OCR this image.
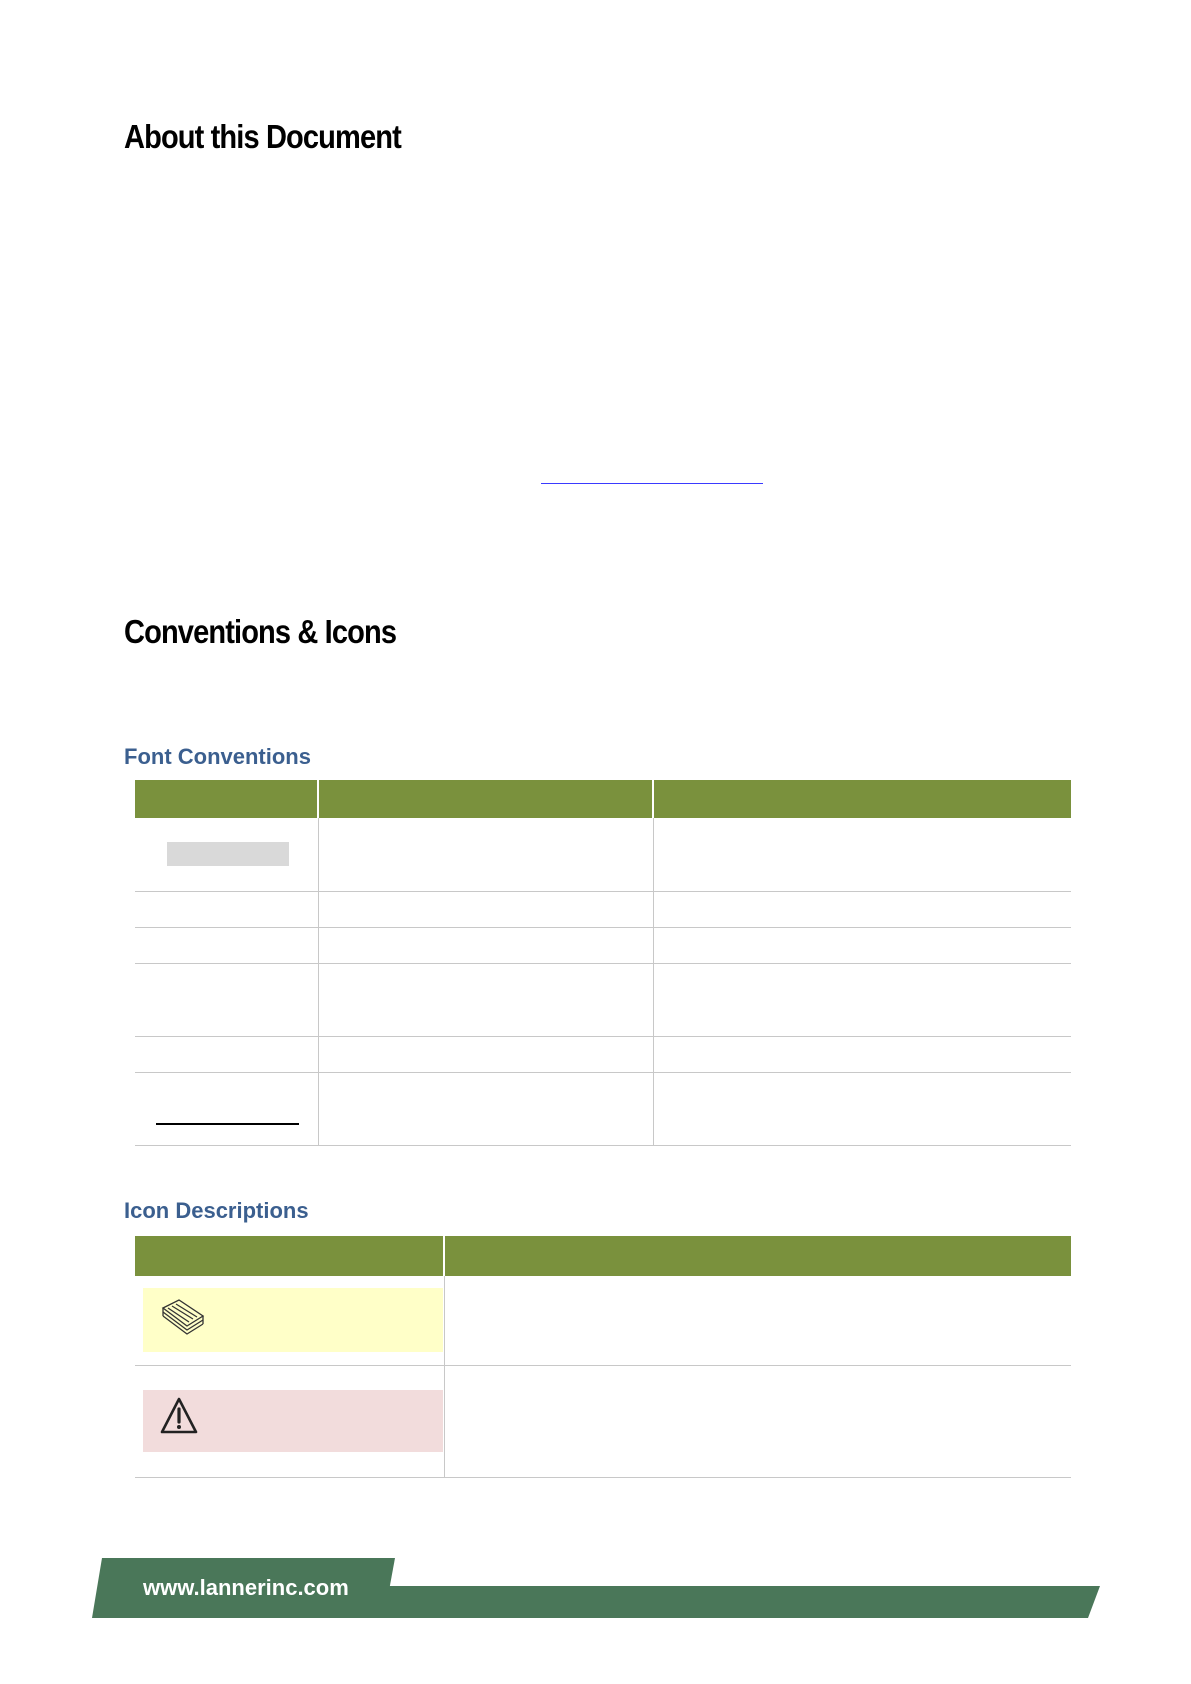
About this Document
Conventions & Icons
Font Conventions

Icon Descriptions

www.lannerinc.com
